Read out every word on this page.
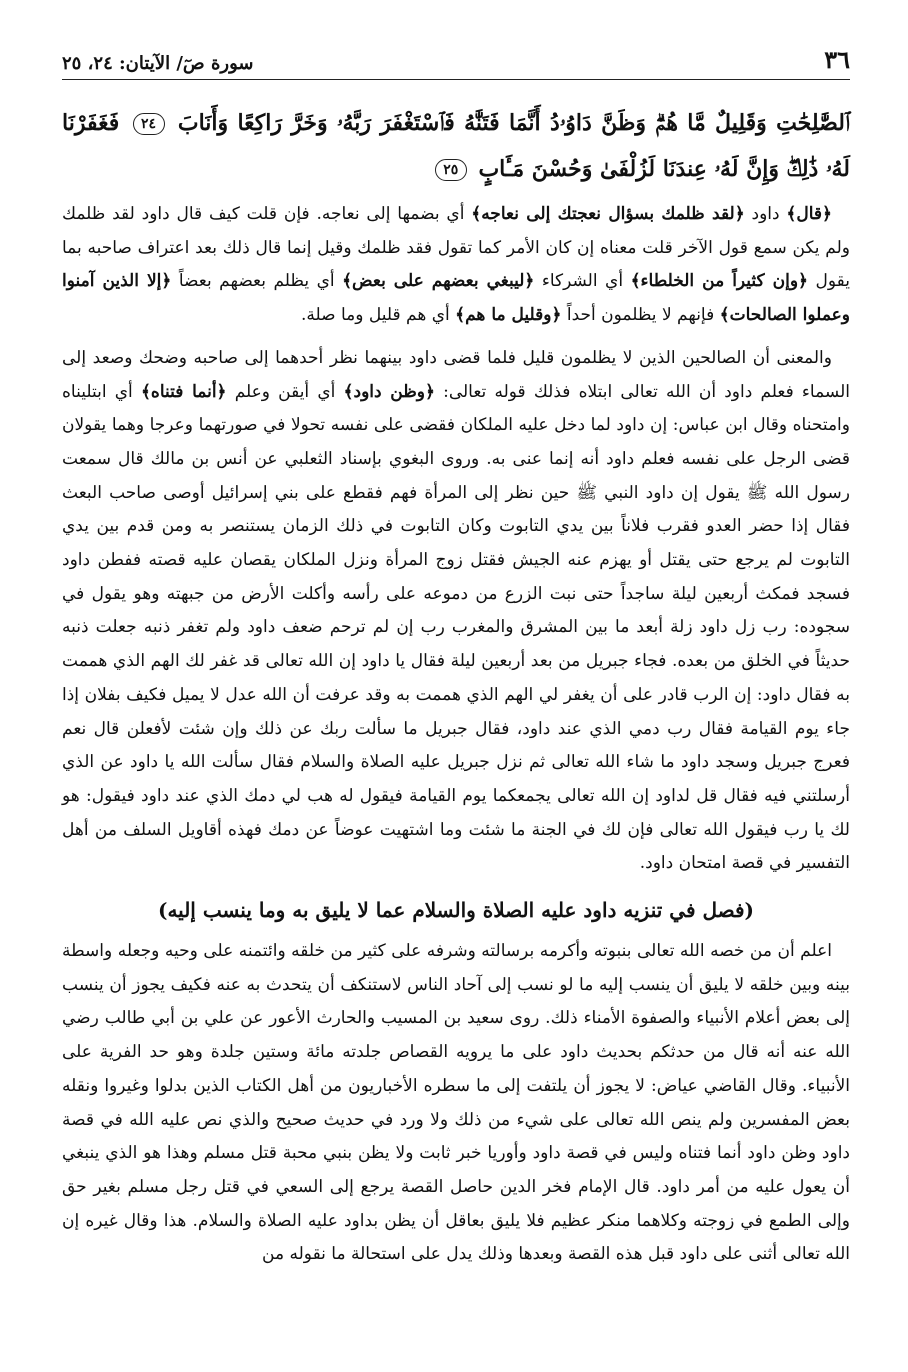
٣٦
سورة صٓ/ الآيتان: ٢٤، ٢٥
ٱلصَّٰلِحَٰتِ وَقَلِيلٌ مَّا هُمْۗ وَظَنَّ دَاوُۥدُ أَنَّمَا فَتَنَّٰهُ فَٱسْتَغْفَرَ رَبَّهُۥ وَخَرَّ رَاكِعًا وَأَنَابَ ٢٤ فَغَفَرْنَا لَهُۥ ذَٰلِكَۖ وَإِنَّ لَهُۥ عِندَنَا لَزُلْفَىٰ وَحُسْنَ مَـَٔابٍ ٢٥

﴿قال﴾ داود ﴿لقد ظلمك بسؤال نعجتك إلى نعاجه﴾ أي بضمها إلى نعاجه. فإن قلت كيف قال داود لقد ظلمك ولم يكن سمع قول الآخر قلت معناه إن كان الأمر كما تقول فقد ظلمك وقيل إنما قال ذلك بعد اعتراف صاحبه بما يقول ﴿وإن كثيراً من الخلطاء﴾ أي الشركاء ﴿ليبغي بعضهم على بعض﴾ أي يظلم بعضهم بعضاً ﴿إلا الذين آمنوا وعملوا الصالحات﴾ فإنهم لا يظلمون أحداً ﴿وقليل ما هم﴾ أي هم قليل وما صلة.

والمعنى أن الصالحين الذين لا يظلمون قليل فلما قضى داود بينهما نظر أحدهما إلى صاحبه وضحك وصعد إلى السماء فعلم داود أن الله تعالى ابتلاه فذلك قوله تعالى: ﴿وظن داود﴾ أي أيقن وعلم ﴿أنما فتناه﴾ أي ابتليناه وامتحناه وقال ابن عباس: إن داود لما دخل عليه الملكان فقضى على نفسه تحولا في صورتهما وعرجا وهما يقولان قضى الرجل على نفسه فعلم داود أنه إنما عنى به. وروى البغوي بإسناد الثعلبي عن أنس بن مالك قال سمعت رسول الله ﷺ يقول إن داود النبي ﷺ حين نظر إلى المرأة فهم فقطع على بني إسرائيل أوصى صاحب البعث فقال إذا حضر العدو فقرب فلاناً بين يدي التابوت وكان التابوت في ذلك الزمان يستنصر به ومن قدم بين يدي التابوت لم يرجع حتى يقتل أو يهزم عنه الجيش فقتل زوج المرأة ونزل الملكان يقصان عليه قصته ففطن داود فسجد فمكث أربعين ليلة ساجداً حتى نبت الزرع من دموعه على رأسه وأكلت الأرض من جبهته وهو يقول في سجوده: رب زل داود زلة أبعد ما بين المشرق والمغرب رب إن لم ترحم ضعف داود ولم تغفر ذنبه جعلت ذنبه حديثاً في الخلق من بعده. فجاء جبريل من بعد أربعين ليلة فقال يا داود إن الله تعالى قد غفر لك الهم الذي هممت به فقال داود: إن الرب قادر على أن يغفر لي الهم الذي هممت به وقد عرفت أن الله عدل لا يميل فكيف بفلان إذا جاء يوم القيامة فقال رب دمي الذي عند داود، فقال جبريل ما سألت ربك عن ذلك وإن شئت لأفعلن قال نعم فعرج جبريل وسجد داود ما شاء الله تعالى ثم نزل جبريل عليه الصلاة والسلام فقال سألت الله يا داود عن الذي أرسلتني فيه فقال قل لداود إن الله تعالى يجمعكما يوم القيامة فيقول له هب لي دمك الذي عند داود فيقول: هو لك يا رب فيقول الله تعالى فإن لك في الجنة ما شئت وما اشتهيت عوضاً عن دمك فهذه أقاويل السلف من أهل التفسير في قصة امتحان داود.

(فصل في تنزيه داود عليه الصلاة والسلام عما لا يليق به وما ينسب إليه)

اعلم أن من خصه الله تعالى بنبوته وأكرمه برسالته وشرفه على كثير من خلقه وائتمنه على وحيه وجعله واسطة بينه وبين خلقه لا يليق أن ينسب إليه ما لو نسب إلى آحاد الناس لاستنكف أن يتحدث به عنه فكيف يجوز أن ينسب إلى بعض أعلام الأنبياء والصفوة الأمناء ذلك. روى سعيد بن المسيب والحارث الأعور عن علي بن أبي طالب رضي الله عنه أنه قال من حدثكم بحديث داود على ما يرويه القصاص جلدته مائة وستين جلدة وهو حد الفرية على الأنبياء. وقال القاضي عياض: لا يجوز أن يلتفت إلى ما سطره الأخباريون من أهل الكتاب الذين بدلوا وغيروا ونقله بعض المفسرين ولم ينص الله تعالى على شيء من ذلك ولا ورد في حديث صحيح والذي نص عليه الله في قصة داود وظن داود أنما فتناه وليس في قصة داود وأوريا خبر ثابت ولا يظن بنبي محبة قتل مسلم وهذا هو الذي ينبغي أن يعول عليه من أمر داود. قال الإمام فخر الدين حاصل القصة يرجع إلى السعي في قتل رجل مسلم بغير حق وإلى الطمع في زوجته وكلاهما منكر عظيم فلا يليق بعاقل أن يظن بداود عليه الصلاة والسلام. هذا وقال غيره إن الله تعالى أثنى على داود قبل هذه القصة وبعدها وذلك يدل على استحالة ما نقوله من
